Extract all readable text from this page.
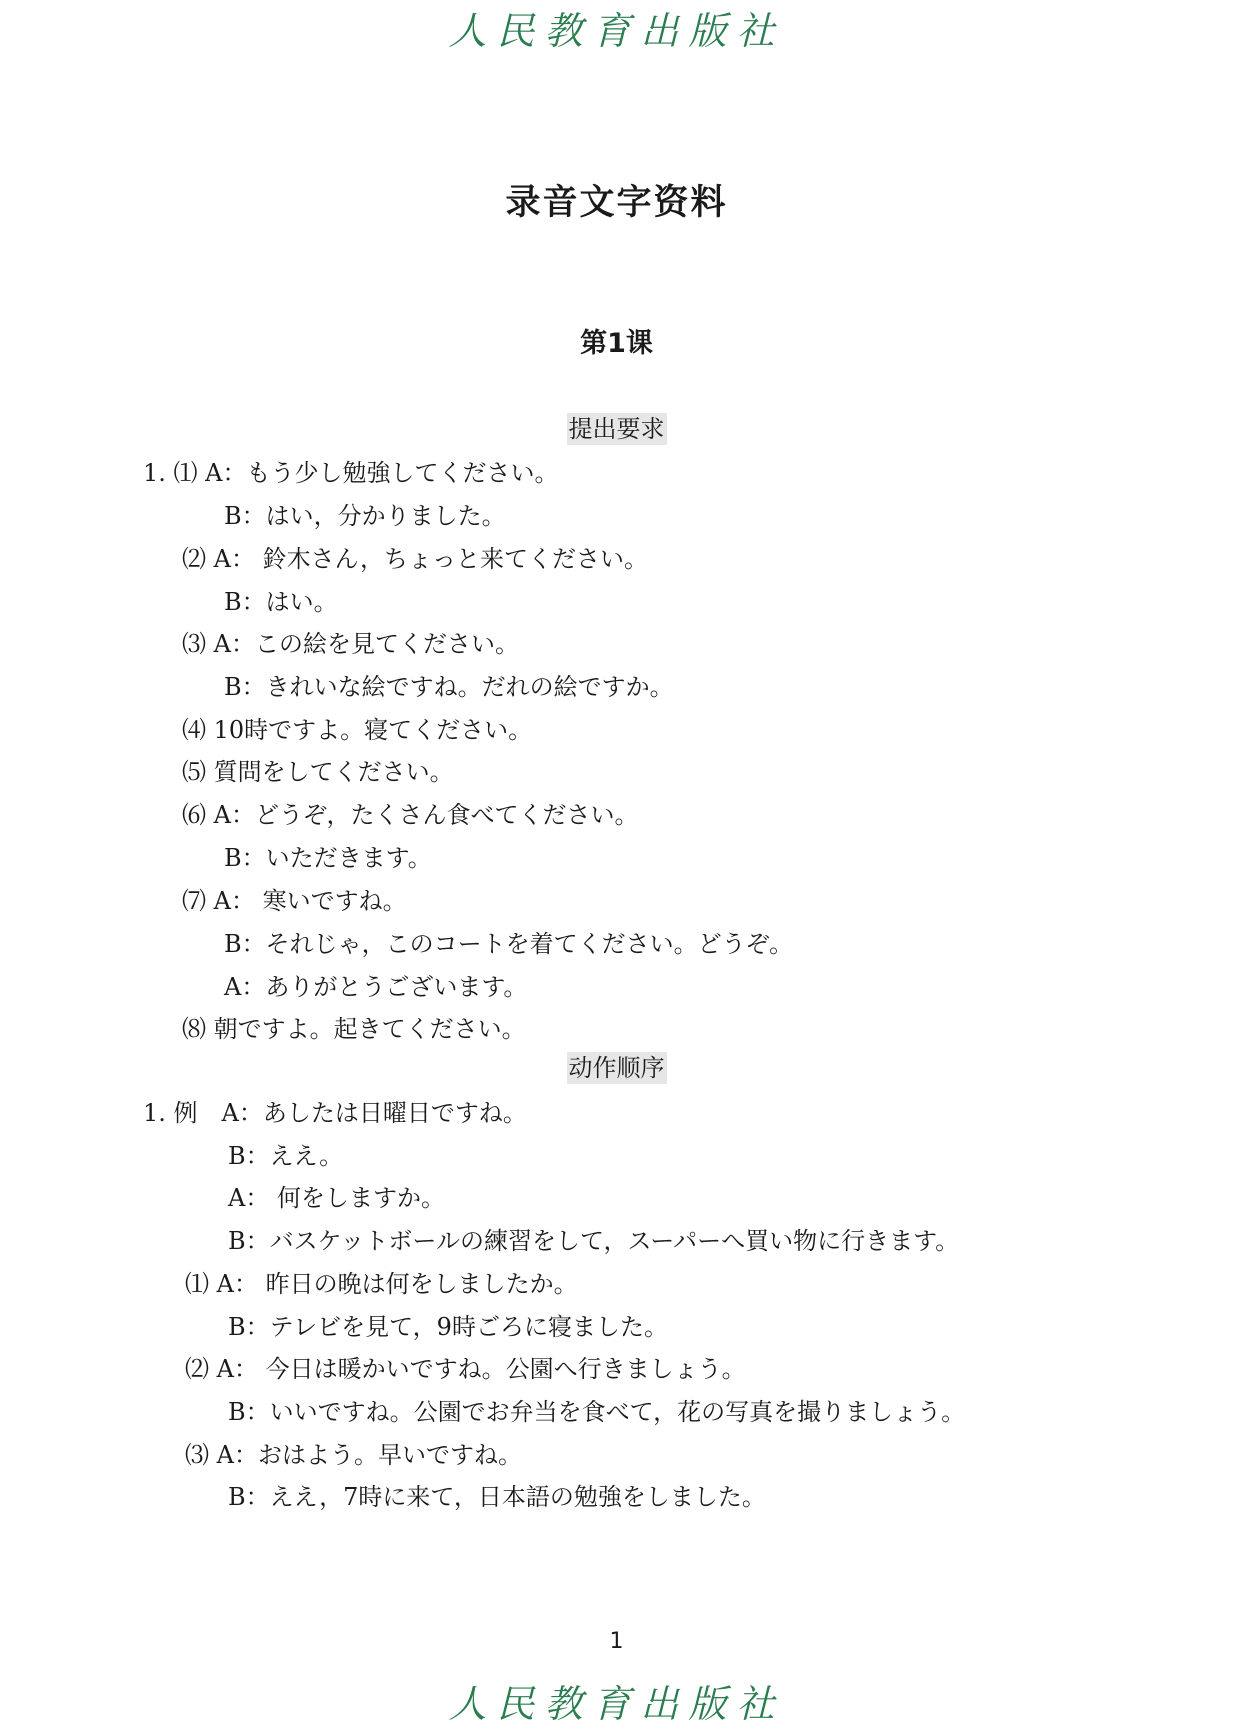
人民教育出版社
录音文字资料
第1课
提出要求
1. ⑴ A：もう少し勉強してください。
B：はい，分かりました。
⑵ A： 鈴木さん，ちょっと来てください。
B：はい。
⑶ A：この絵を見てください。
B：きれいな絵ですね。だれの絵ですか。
⑷ 10時ですよ。寝てください。
⑸ 質問をしてください。
⑹ A：どうぞ，たくさん食べてください。
B：いただきます。
⑺ A： 寒いですね。
B：それじゃ，このコートを着てください。どうぞ。
A：ありがとうございます。
⑻ 朝ですよ。起きてください。
动作顺序
1. 例　A：あしたは日曜日ですね。
B：ええ。
A： 何をしますか。
B：バスケットボールの練習をして，スーパーへ買い物に行きます。
⑴ A： 昨日の晩は何をしましたか。
B：テレビを見て，9時ごろに寝ました。
⑵ A： 今日は暖かいですね。公園へ行きましょう。
B：いいですね。公園でお弁当を食べて，花の写真を撮りましょう。
⑶ A：おはよう。早いですね。
B：ええ，7時に来て，日本語の勉強をしました。
1
人民教育出版社
